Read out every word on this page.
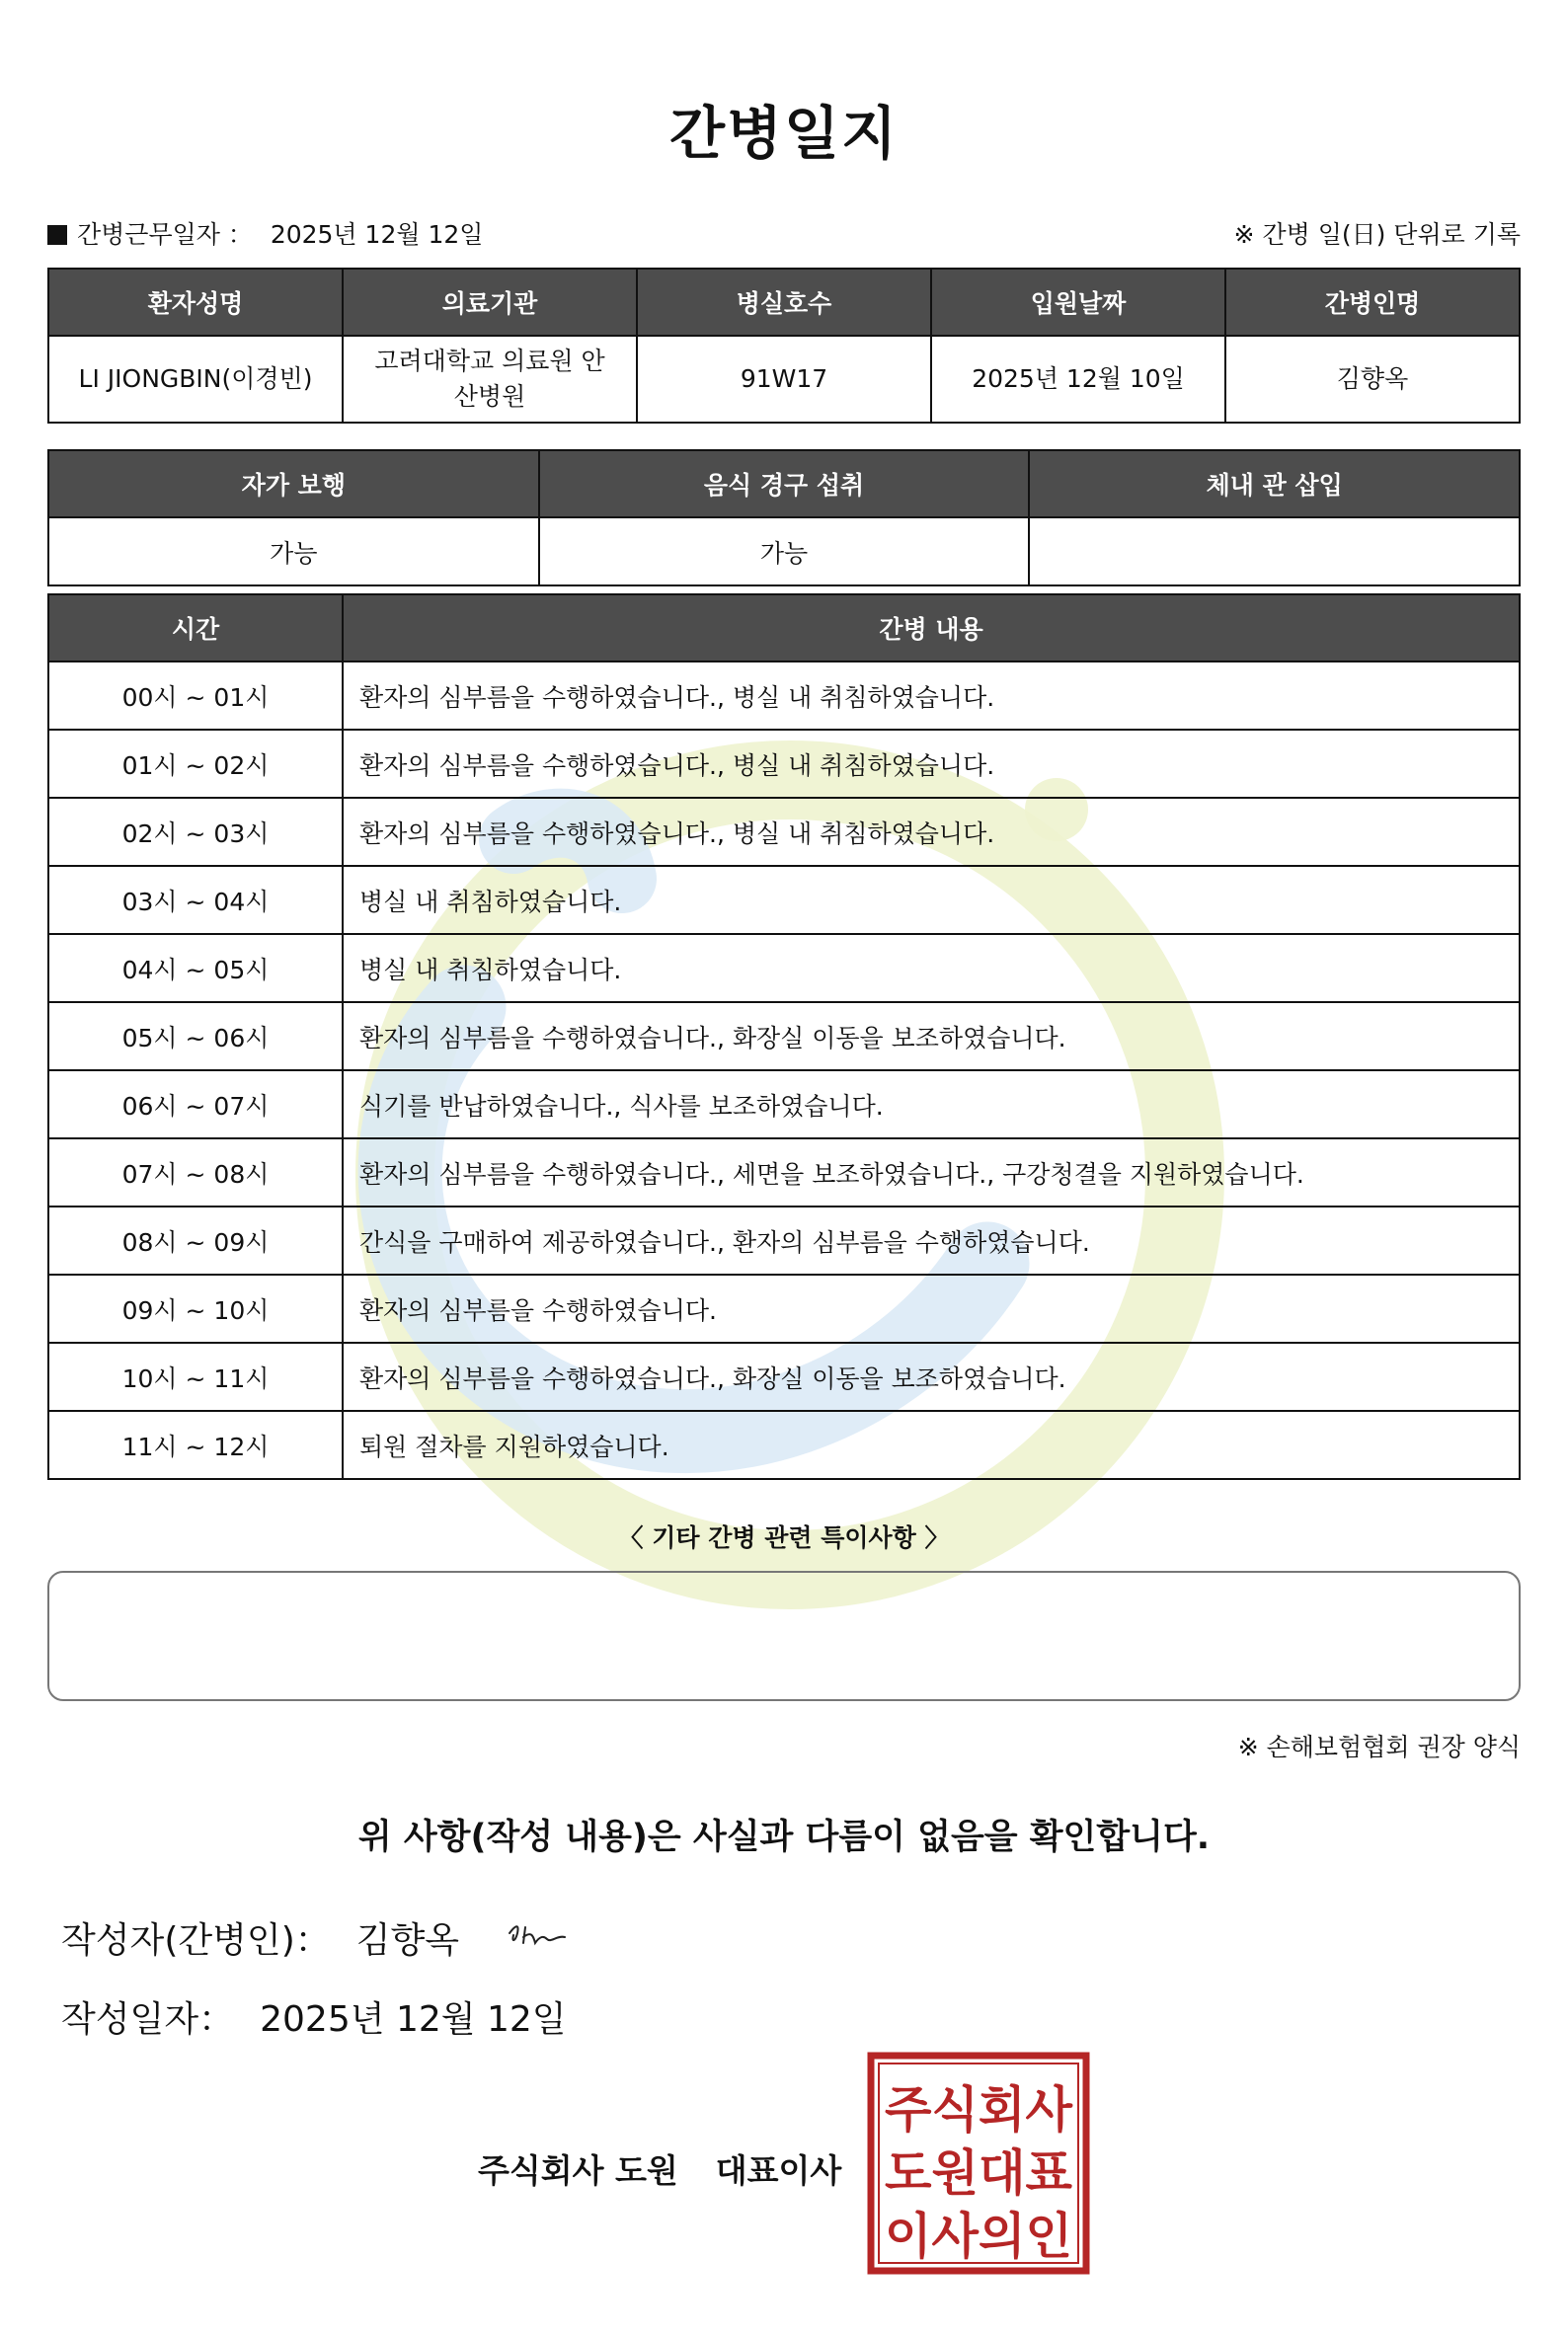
간병일지
간병근무일자 ： 2025년 12월 12일	※ 간병 일(日) 단위로 기록
환자성명	의료기관	병실호수	입원날짜	간병인명
LI JIONGBIN(이경빈)	고려대학교 의료원 안산병원	91W17	2025년 12월 10일	김향옥
자가 보행	음식 경구 섭취	체내 관 삽입
가능	가능	
시간	간병 내용
00시 ~ 01시	환자의 심부름을 수행하였습니다., 병실 내 취침하였습니다.
01시 ~ 02시	환자의 심부름을 수행하였습니다., 병실 내 취침하였습니다.
02시 ~ 03시	환자의 심부름을 수행하였습니다., 병실 내 취침하였습니다.
03시 ~ 04시	병실 내 취침하였습니다.
04시 ~ 05시	병실 내 취침하였습니다.
05시 ~ 06시	환자의 심부름을 수행하였습니다., 화장실 이동을 보조하였습니다.
06시 ~ 07시	식기를 반납하였습니다., 식사를 보조하였습니다.
07시 ~ 08시	환자의 심부름을 수행하였습니다., 세면을 보조하였습니다., 구강청결을 지원하였습니다.
08시 ~ 09시	간식을 구매하여 제공하였습니다., 환자의 심부름을 수행하였습니다.
09시 ~ 10시	환자의 심부름을 수행하였습니다.
10시 ~ 11시	환자의 심부름을 수행하였습니다., 화장실 이동을 보조하였습니다.
11시 ~ 12시	퇴원 절차를 지원하였습니다.
〈 기타 간병 관련 특이사항 〉
※ 손해보험협회 권장 양식
위 사항(작성 내용)은 사실과 다름이 없음을 확인합니다.
작성자(간병인)： 김향옥
작성일자： 2025년 12월 12일
주식회사 도원 대표이사
주식회사
도원대표
이사의인
